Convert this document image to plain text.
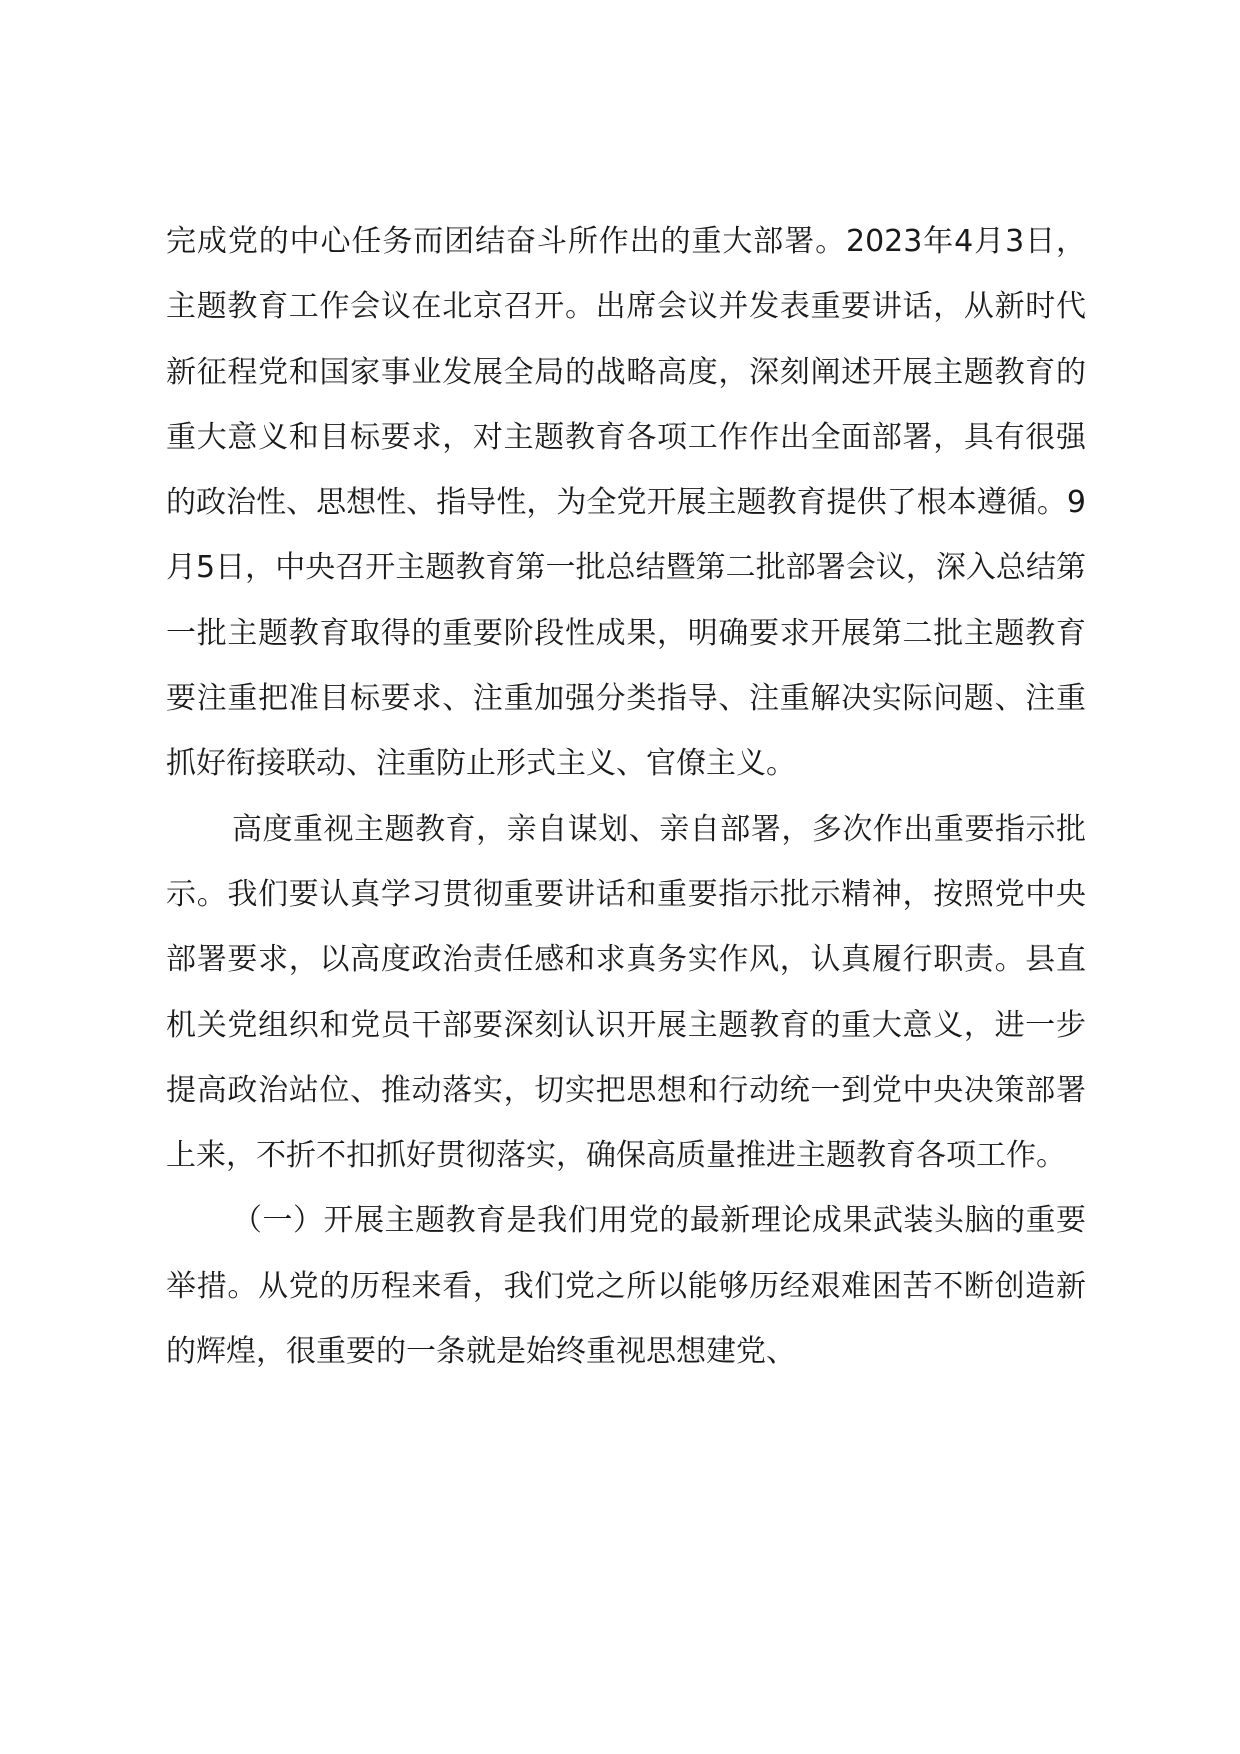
完成党的中心任务而团结奋斗所作出的重大部署。2023年4月3日，主题教育工作会议在北京召开。出席会议并发表重要讲话，从新时代新征程党和国家事业发展全局的战略高度，深刻阐述开展主题教育的重大意义和目标要求，对主题教育各项工作作出全面部署，具有很强的政治性、思想性、指导性，为全党开展主题教育提供了根本遵循。9月5日，中央召开主题教育第一批总结暨第二批部署会议，深入总结第一批主题教育取得的重要阶段性成果，明确要求开展第二批主题教育要注重把准目标要求、注重加强分类指导、注重解决实际问题、注重抓好衔接联动、注重防止形式主义、官僚主义。

高度重视主题教育，亲自谋划、亲自部署，多次作出重要指示批示。我们要认真学习贯彻重要讲话和重要指示批示精神，按照党中央部署要求，以高度政治责任感和求真务实作风，认真履行职责。县直机关党组织和党员干部要深刻认识开展主题教育的重大意义，进一步提高政治站位、推动落实，切实把思想和行动统一到党中央决策部署上来，不折不扣抓好贯彻落实，确保高质量推进主题教育各项工作。

（一）开展主题教育是我们用党的最新理论成果武装头脑的重要举措。从党的历程来看，我们党之所以能够历经艰难困苦不断创造新的辉煌，很重要的一条就是始终重视思想建党、
